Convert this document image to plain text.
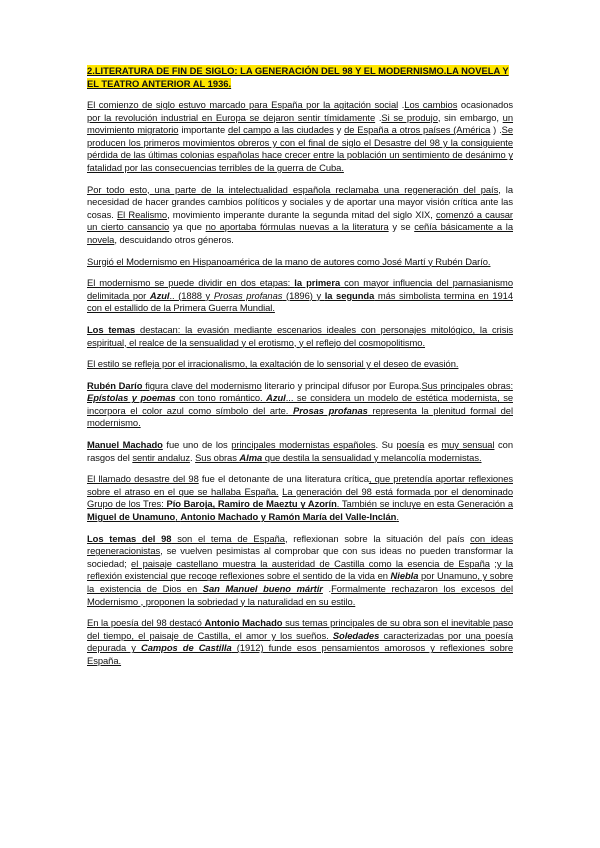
2.LITERATURA DE FIN DE SIGLO: LA GENERACIÓN DEL 98 Y EL MODERNISMO.LA NOVELA Y EL TEATRO ANTERIOR AL 1936.

El comienzo de siglo estuvo marcado para España por la agitación social .Los cambios ocasionados por la revolución industrial en Europa se dejaron sentir tímidamente .Si se produjo, sin embargo, un movimiento migratorio importante del campo a las ciudades y de España a otros países (América ) .Se producen los primeros movimientos obreros y con el final de siglo el Desastre del 98 y la consiguiente pérdida de las últimas colonias españolas hace crecer entre la población un sentimiento de desánimo y fatalidad por las consecuencias terribles de la guerra de Cuba.

Por todo esto, una parte de la intelectualidad española reclamaba una regeneración del país, la necesidad de hacer grandes cambios políticos y sociales y de aportar una mayor visión crítica ante las cosas. El Realismo, movimiento imperante durante la segunda mitad del siglo XIX, comenzó a causar un cierto cansancio ya que no aportaba fórmulas nuevas a la literatura y se ceñía básicamente a la novela, descuidando otros géneros.

Surgió el Modernismo en Hispanoamérica de la mano de autores como José Martí y Rubén Darío.

El modernismo se puede dividir en dos etapas: la primera con mayor influencia del parnasianismo delimitada por Azul.. (1888 y Prosas profanas (1896) y la segunda más simbolista termina en 1914 con el estallido de la Primera Guerra Mundial.

Los temas destacan: la evasión mediante escenarios ideales con personajes mitológico, la crisis espiritual, el realce de la sensualidad y el erotismo, y el reflejo del cosmopolitismo.

El estilo se refleja por el irracionalismo, la exaltación de lo sensorial y el deseo de evasión.

Rubén Darío figura clave del modernismo literario y principal difusor por Europa.Sus principales obras: Epístolas y poemas con tono romántico. Azul... se considera un modelo de estética modernista, se incorpora el color azul como símbolo del arte. Prosas profanas representa la plenitud formal del modernismo.

Manuel Machado fue uno de los principales modernistas españoles. Su poesía es muy sensual con rasgos del sentir andaluz. Sus obras Alma que destila la sensualidad y melancolía modernistas.

El llamado desastre del 98 fue el detonante de una literatura crítica, que pretendía aportar reflexiones sobre el atraso en el que se hallaba España. La generación del 98 está formada por el denominado Grupo de los Tres: Pío Baroja, Ramiro de Maeztu y Azorín. También se incluye en esta Generación a Miguel de Unamuno, Antonio Machado y Ramón María del Valle-Inclán.

Los temas del 98 son el tema de España, reflexionan sobre la situación del país con ideas regeneracionistas, se vuelven pesimistas al comprobar que con sus ideas no pueden transformar la sociedad; el paisaje castellano muestra la austeridad de Castilla como la esencia de España ;y la reflexión existencial que recoge reflexiones sobre el sentido de la vida en Niebla por Unamuno, y sobre la existencia de Dios en San Manuel bueno mártir .Formalmente rechazaron los excesos del Modernismo , proponen la sobriedad y la naturalidad en su estilo.

En la poesía del 98 destacó Antonio Machado sus temas principales de su obra son el inevitable paso del tiempo, el paisaje de Castilla, el amor y los sueños. Soledades caracterizadas por una poesía depurada y Campos de Castilla (1912) funde esos pensamientos amorosos y reflexiones sobre España.
